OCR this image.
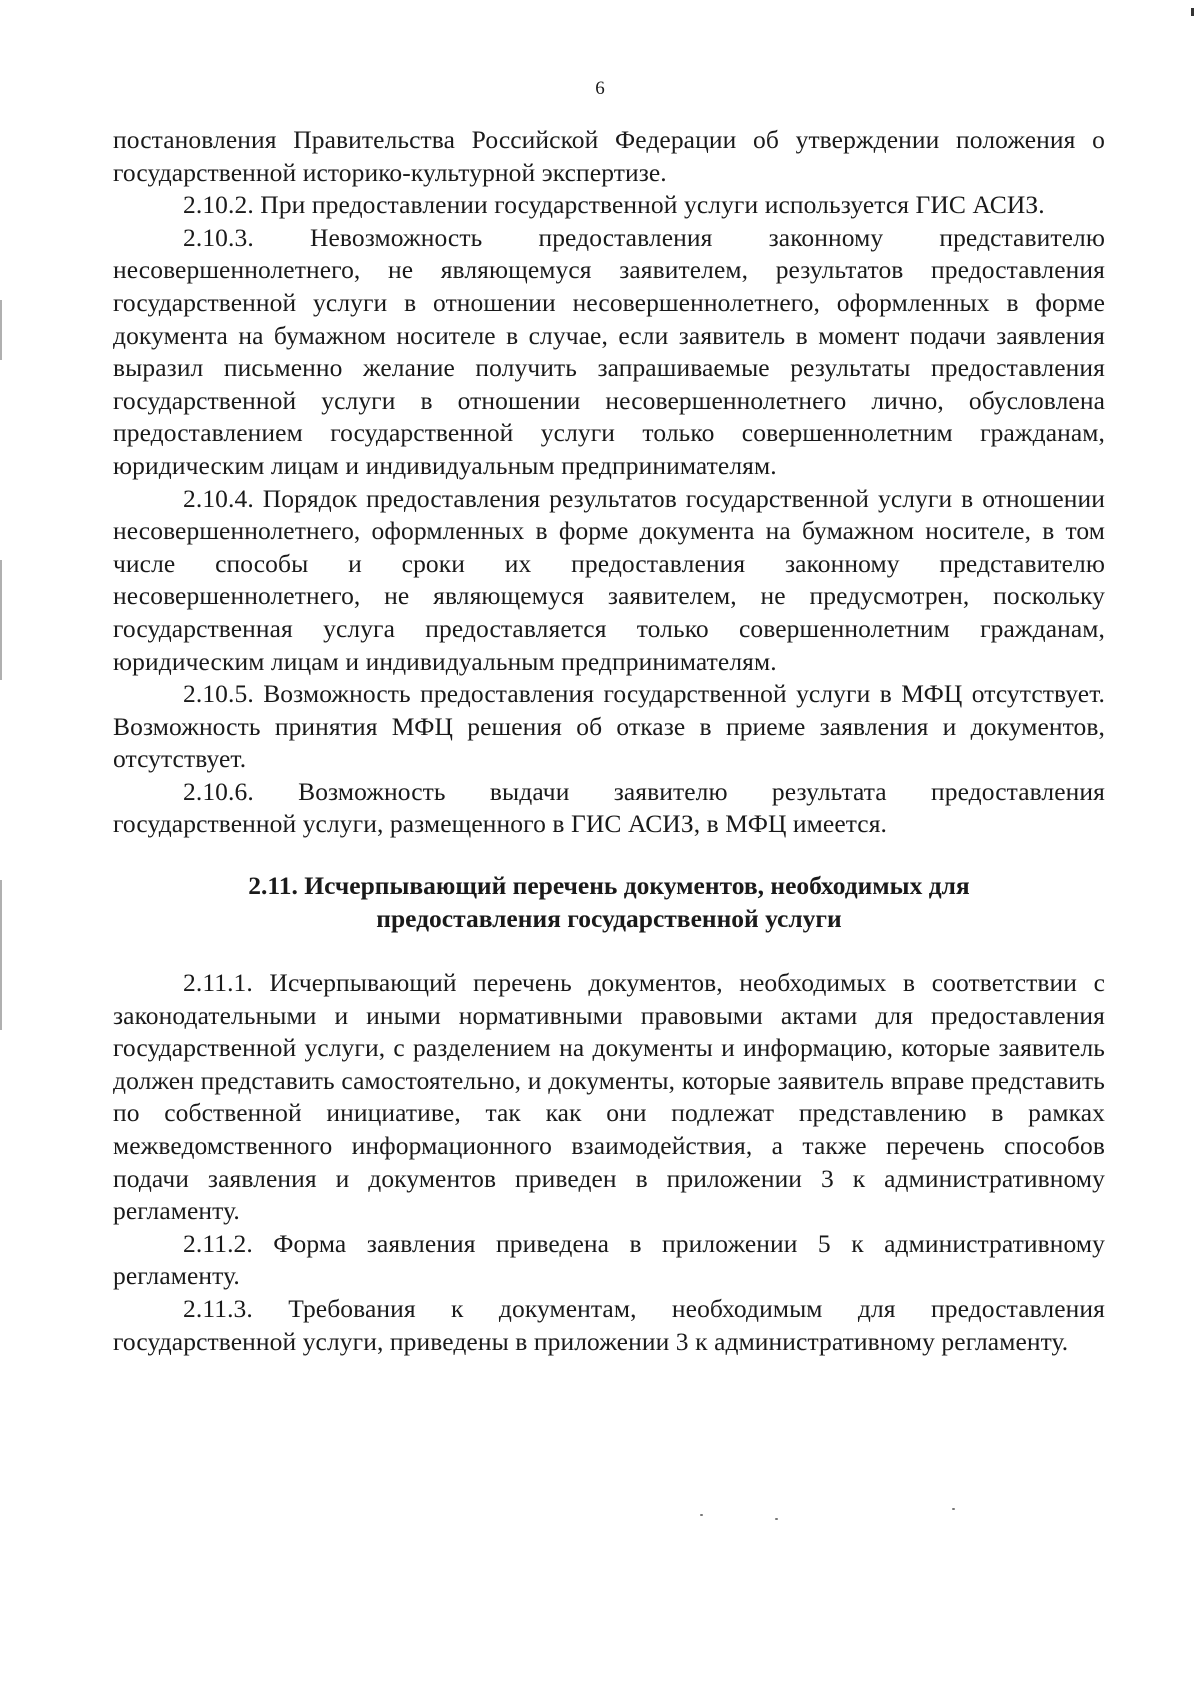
6

постановления Правительства Российской Федерации об утверждении положения о государственной историко-культурной экспертизе.

2.10.2. При предоставлении государственной услуги используется ГИС АСИЗ.

2.10.3. Невозможность предоставления законному представителю несовершеннолетнего, не являющемуся заявителем, результатов предоставления государственной услуги в отношении несовершеннолетнего, оформленных в форме документа на бумажном носителе в случае, если заявитель в момент подачи заявления выразил письменно желание получить запрашиваемые результаты предоставления государственной услуги в отношении несовершеннолетнего лично, обусловлена предоставлением государственной услуги только совершеннолетним гражданам, юридическим лицам и индивидуальным предпринимателям.

2.10.4. Порядок предоставления результатов государственной услуги в отношении несовершеннолетнего, оформленных в форме документа на бумажном носителе, в том числе способы и сроки их предоставления законному представителю несовершеннолетнего, не являющемуся заявителем, не предусмотрен, поскольку государственная услуга предоставляется только совершеннолетним гражданам, юридическим лицам и индивидуальным предпринимателям.

2.10.5. Возможность предоставления государственной услуги в МФЦ отсутствует. Возможность принятия МФЦ решения об отказе в приеме заявления и документов, отсутствует.

2.10.6. Возможность выдачи заявителю результата предоставления государственной услуги, размещенного в ГИС АСИЗ, в МФЦ имеется.

2.11. Исчерпывающий перечень документов, необходимых для предоставления государственной услуги

2.11.1. Исчерпывающий перечень документов, необходимых в соответствии с законодательными и иными нормативными правовыми актами для предоставления государственной услуги, с разделением на документы и информацию, которые заявитель должен представить самостоятельно, и документы, которые заявитель вправе представить по собственной инициативе, так как они подлежат представлению в рамках межведомственного информационного взаимодействия, а также перечень способов подачи заявления и документов приведен в приложении 3 к административному регламенту.

2.11.2. Форма заявления приведена в приложении 5 к административному регламенту.

2.11.3. Требования к документам, необходимым для предоставления государственной услуги, приведены в приложении 3 к административному регламенту.
